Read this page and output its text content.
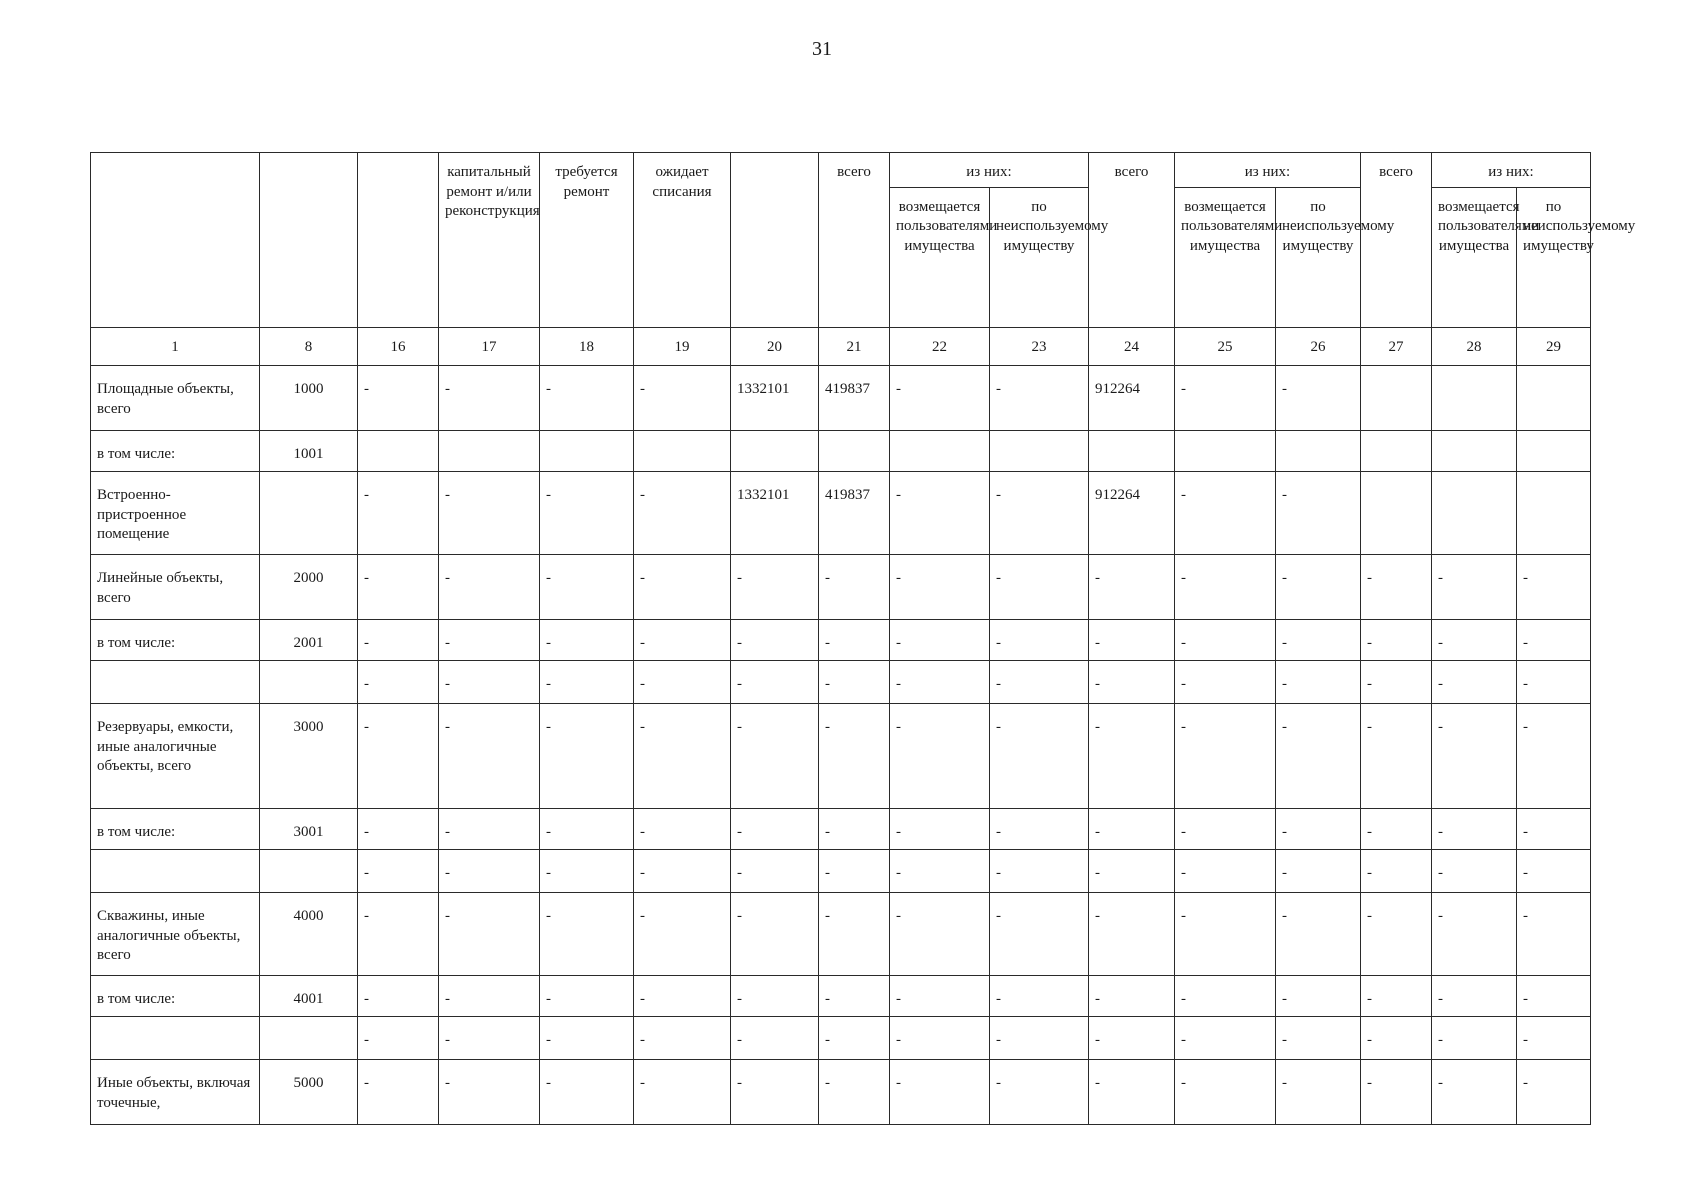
31
			капитальный ремонт и/или реконструкция	требуется ремонт	ожидает списания		всего	из них:		всего	из них:		всего	из них:	
								возмещается пользователями имущества	по неиспользуемому имуществу		возмещается пользователями имущества	по неиспользуемому имуществу		возмещается пользователями имущества	по неиспользуемому имуществу
1	8	16	17	18	19	20	21	22	23	24	25	26	27	28	29
Площадные объекты, всего	1000	-	-	-	-	1332101	419837	-	-	912264	-	-			
в том числе:	1001														
Встроенно-пристроенное помещение		-	-	-	-	1332101	419837	-	-	912264	-	-			
Линейные объекты, всего	2000	-	-	-	-	-	-	-	-	-	-	-	-	-	-
в том числе:	2001	-	-	-	-	-	-	-	-	-	-	-	-	-	-
		-	-	-	-	-	-	-	-	-	-	-	-	-	-
Резервуары, емкости, иные аналогичные объекты, всего	3000	-	-	-	-	-	-	-	-	-	-	-	-	-	-
в том числе:	3001	-	-	-	-	-	-	-	-	-	-	-	-	-	-
		-	-	-	-	-	-	-	-	-	-	-	-	-	-
Скважины, иные аналогичные объекты, всего	4000	-	-	-	-	-	-	-	-	-	-	-	-	-	-
в том числе:	4001	-	-	-	-	-	-	-	-	-	-	-	-	-	-
		-	-	-	-	-	-	-	-	-	-	-	-	-	-
Иные объекты, включая точечные,	5000	-	-	-	-	-	-	-	-	-	-	-	-	-	-
